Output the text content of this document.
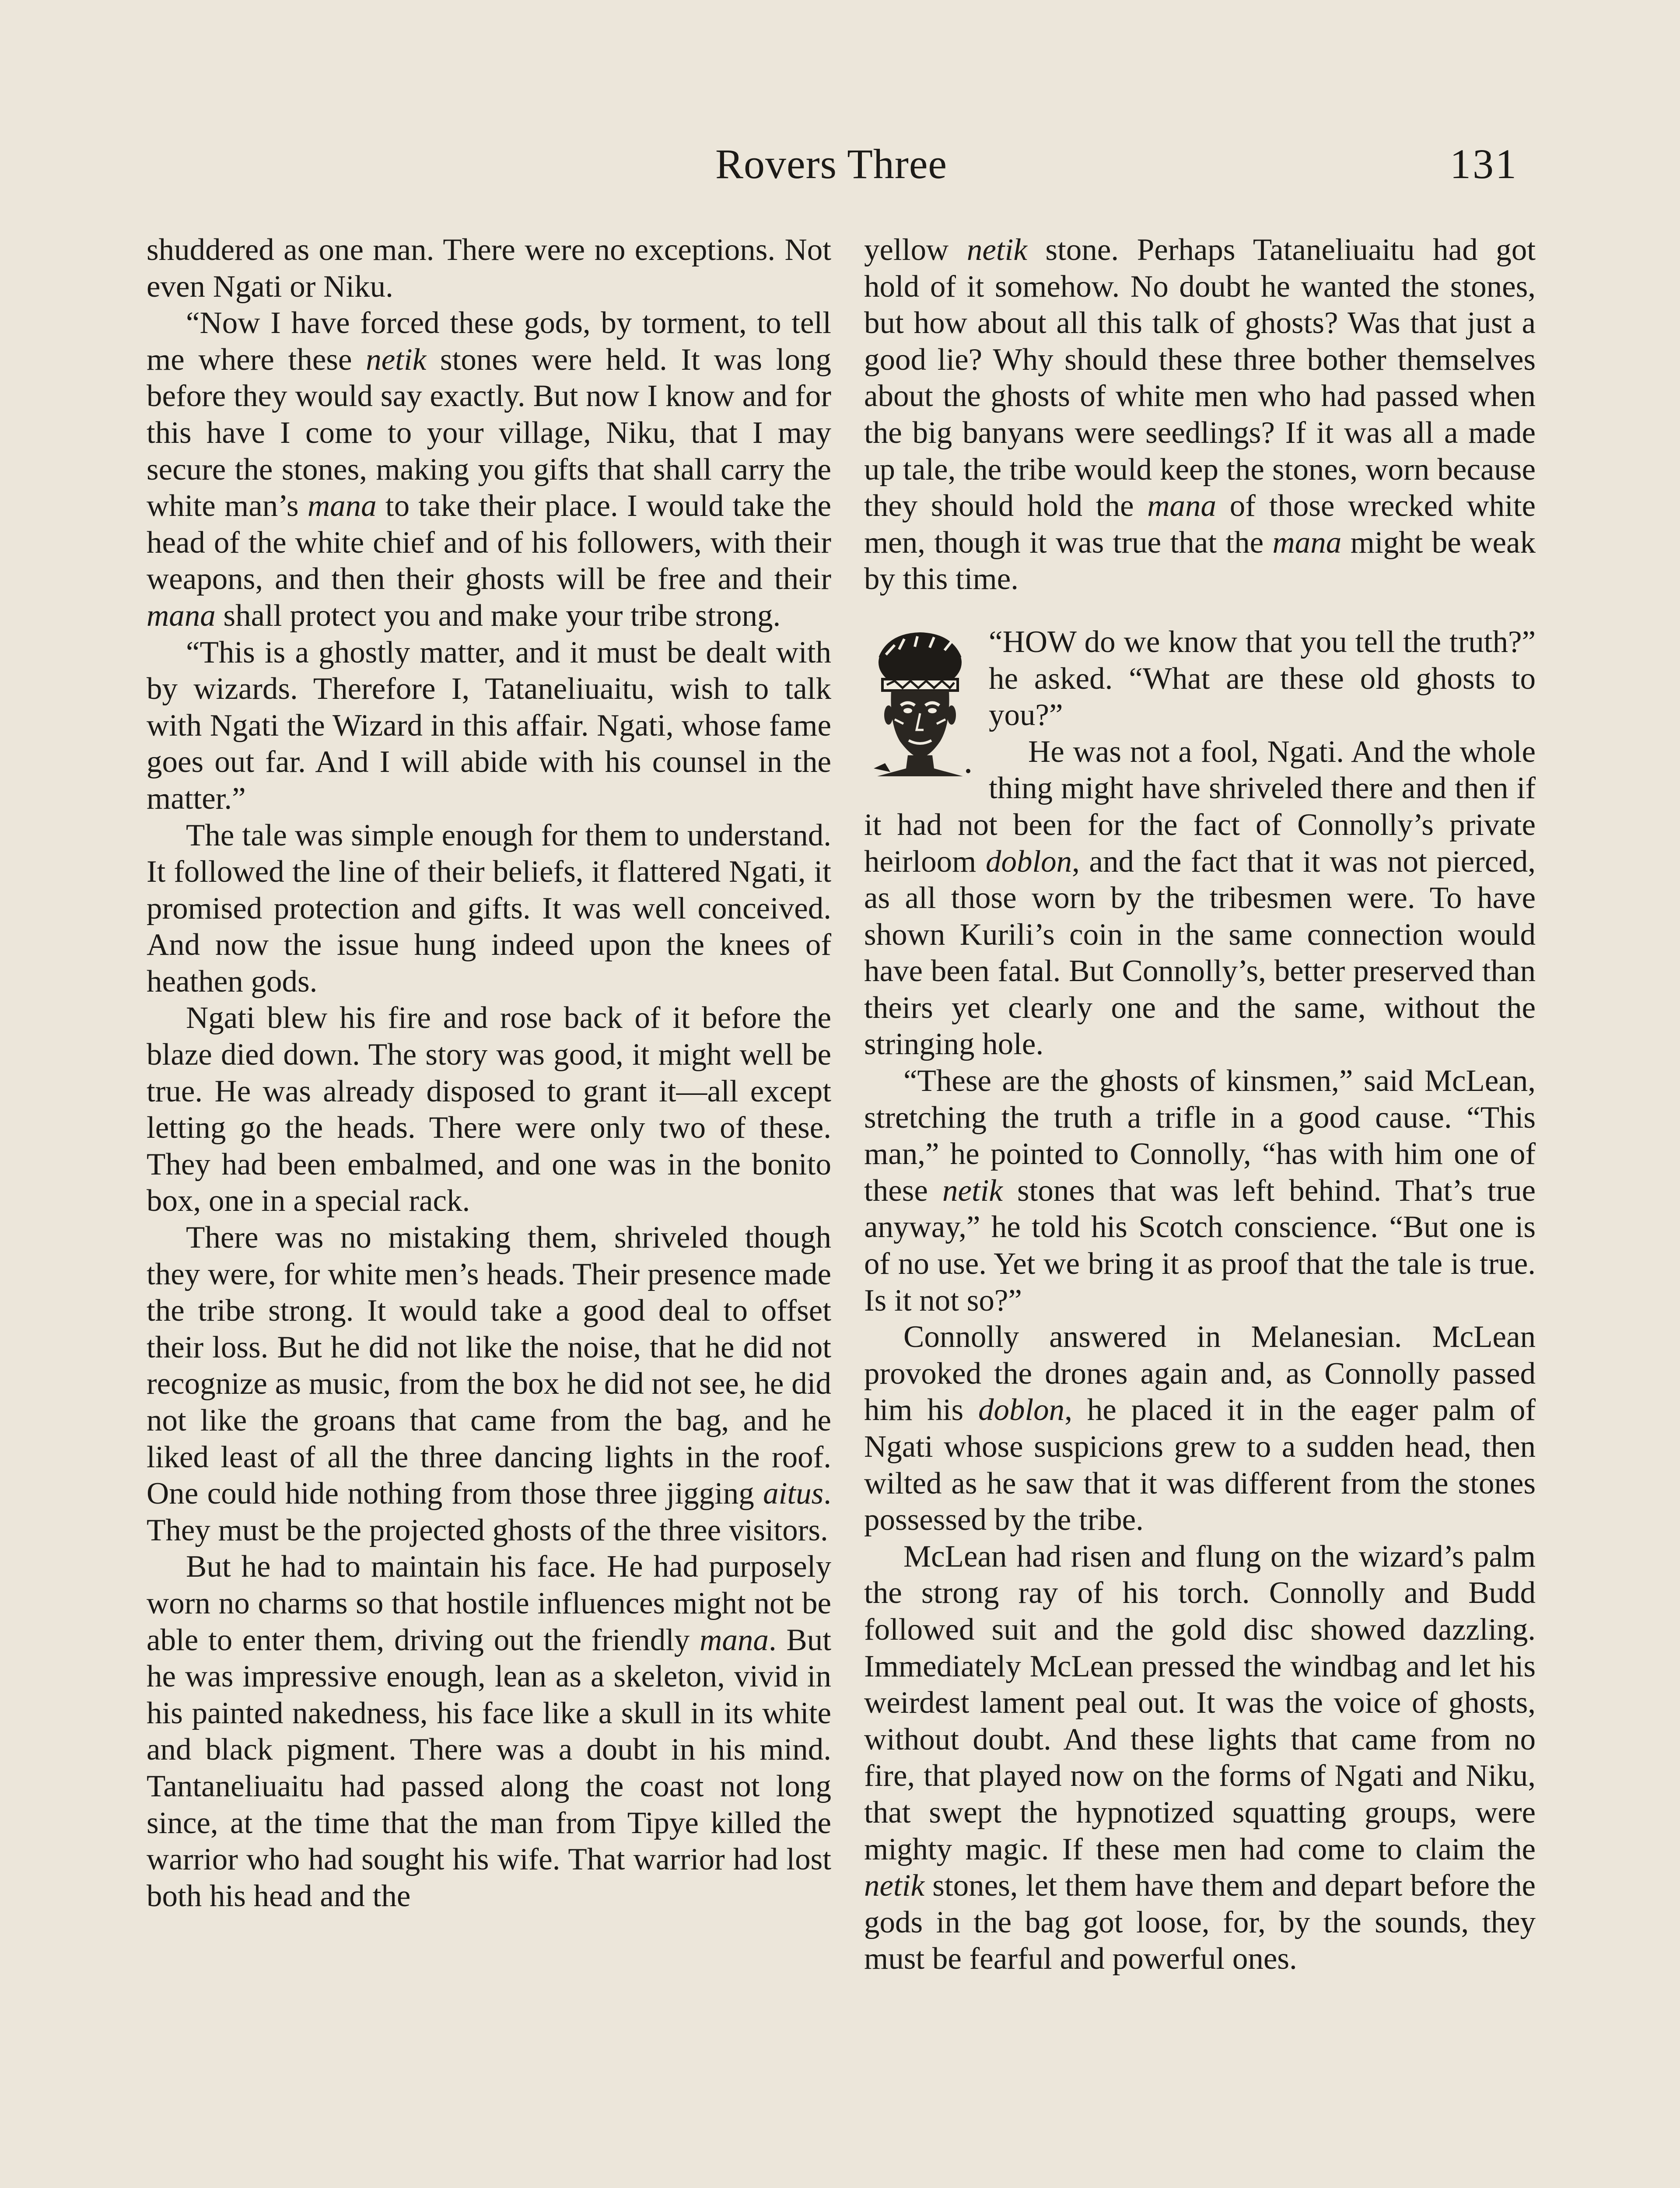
Rovers Three	131

shuddered as one man. There were no exceptions. Not even Ngati or Niku.

“Now I have forced these gods, by torment, to tell me where these netik stones were held. It was long before they would say exactly. But now I know and for this have I come to your village, Niku, that I may secure the stones, making you gifts that shall carry the white man’s mana to take their place. I would take the head of the white chief and of his followers, with their weapons, and then their ghosts will be free and their mana shall protect you and make your tribe strong.

“This is a ghostly matter, and it must be dealt with by wizards. Therefore I, Tataneliuaitu, wish to talk with Ngati the Wizard in this affair. Ngati, whose fame goes out far. And I will abide with his counsel in the matter.”

The tale was simple enough for them to understand. It followed the line of their beliefs, it flattered Ngati, it promised protection and gifts. It was well conceived. And now the issue hung indeed upon the knees of heathen gods.

Ngati blew his fire and rose back of it before the blaze died down. The story was good, it might well be true. He was already disposed to grant it—all except letting go the heads. There were only two of these. They had been embalmed, and one was in the bonito box, one in a special rack.

There was no mistaking them, shriveled though they were, for white men’s heads. Their presence made the tribe strong. It would take a good deal to offset their loss. But he did not like the noise, that he did not recognize as music, from the box he did not see, he did not like the groans that came from the bag, and he liked least of all the three dancing lights in the roof. One could hide nothing from those three jigging aitus. They must be the projected ghosts of the three visitors.

But he had to maintain his face. He had purposely worn no charms so that hostile influences might not be able to enter them, driving out the friendly mana. But he was impressive enough, lean as a skeleton, vivid in his painted nakedness, his face like a skull in its white and black pigment. There was a doubt in his mind. Tantaneliuaitu had passed along the coast not long since, at the time that the man from Tipye killed the warrior who had sought his wife. That warrior had lost both his head and the

yellow netik stone. Perhaps Tataneliuaitu had got hold of it somehow. No doubt he wanted the stones, but how about all this talk of ghosts? Was that just a good lie? Why should these three bother themselves about the ghosts of white men who had passed when the big banyans were seedlings? If it was all a made up tale, the tribe would keep the stones, worn because they should hold the mana of those wrecked white men, though it was true that the mana might be weak by this time.

“HOW do we know that you tell the truth?” he asked. “What are these old ghosts to you?”

He was not a fool, Ngati. And the whole thing might have shriveled there and then if it had not been for the fact of Connolly’s private heirloom doblon, and the fact that it was not pierced, as all those worn by the tribesmen were. To have shown Kurili’s coin in the same connection would have been fatal. But Connolly’s, better preserved than theirs yet clearly one and the same, without the stringing hole.

“These are the ghosts of kinsmen,” said McLean, stretching the truth a trifle in a good cause. “This man,” he pointed to Connolly, “has with him one of these netik stones that was left behind. That’s true anyway,” he told his Scotch conscience. “But one is of no use. Yet we bring it as proof that the tale is true. Is it not so?”

Connolly answered in Melanesian. McLean provoked the drones again and, as Connolly passed him his doblon, he placed it in the eager palm of Ngati whose suspicions grew to a sudden head, then wilted as he saw that it was different from the stones possessed by the tribe.

McLean had risen and flung on the wizard’s palm the strong ray of his torch. Connolly and Budd followed suit and the gold disc showed dazzling. Immediately McLean pressed the windbag and let his weirdest lament peal out. It was the voice of ghosts, without doubt. And these lights that came from no fire, that played now on the forms of Ngati and Niku, that swept the hypnotized squatting groups, were mighty magic. If these men had come to claim the netik stones, let them have them and depart before the gods in the bag got loose, for, by the sounds, they must be fearful and powerful ones.
